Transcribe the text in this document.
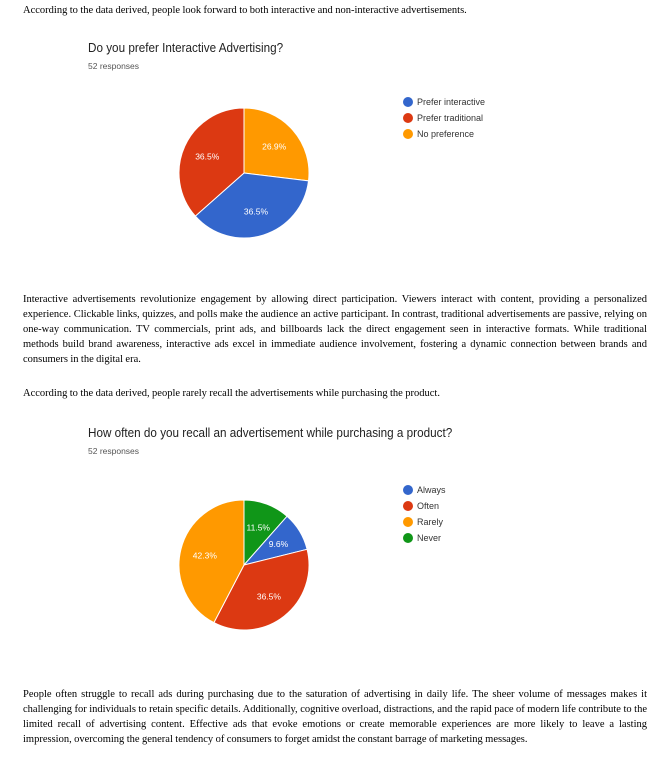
According to the data derived, people look forward to both interactive and non-interactive advertisements.

Do you prefer Interactive Advertising?
52 responses
26.9%
36.5%
36.5%
Prefer interactive
Prefer traditional
No preference

Interactive advertisements revolutionize engagement by allowing direct participation. Viewers interact with content, providing a personalized experience. Clickable links, quizzes, and polls make the audience an active participant. In contrast, traditional advertisements are passive, relying on one-way communication. TV commercials, print ads, and billboards lack the direct engagement seen in interactive formats. While traditional methods build brand awareness, interactive ads excel in immediate audience involvement, fostering a dynamic connection between brands and consumers in the digital era.

According to the data derived, people rarely recall the advertisements while purchasing the product.

How often do you recall an advertisement while purchasing a product?
52 responses
11.5%
9.6%
36.5%
42.3%
Always
Often
Rarely
Never

People often struggle to recall ads during purchasing due to the saturation of advertising in daily life. The sheer volume of messages makes it challenging for individuals to retain specific details. Additionally, cognitive overload, distractions, and the rapid pace of modern life contribute to the limited recall of advertising content. Effective ads that evoke emotions or create memorable experiences are more likely to leave a lasting impression, overcoming the general tendency of consumers to forget amidst the constant barrage of marketing messages.
